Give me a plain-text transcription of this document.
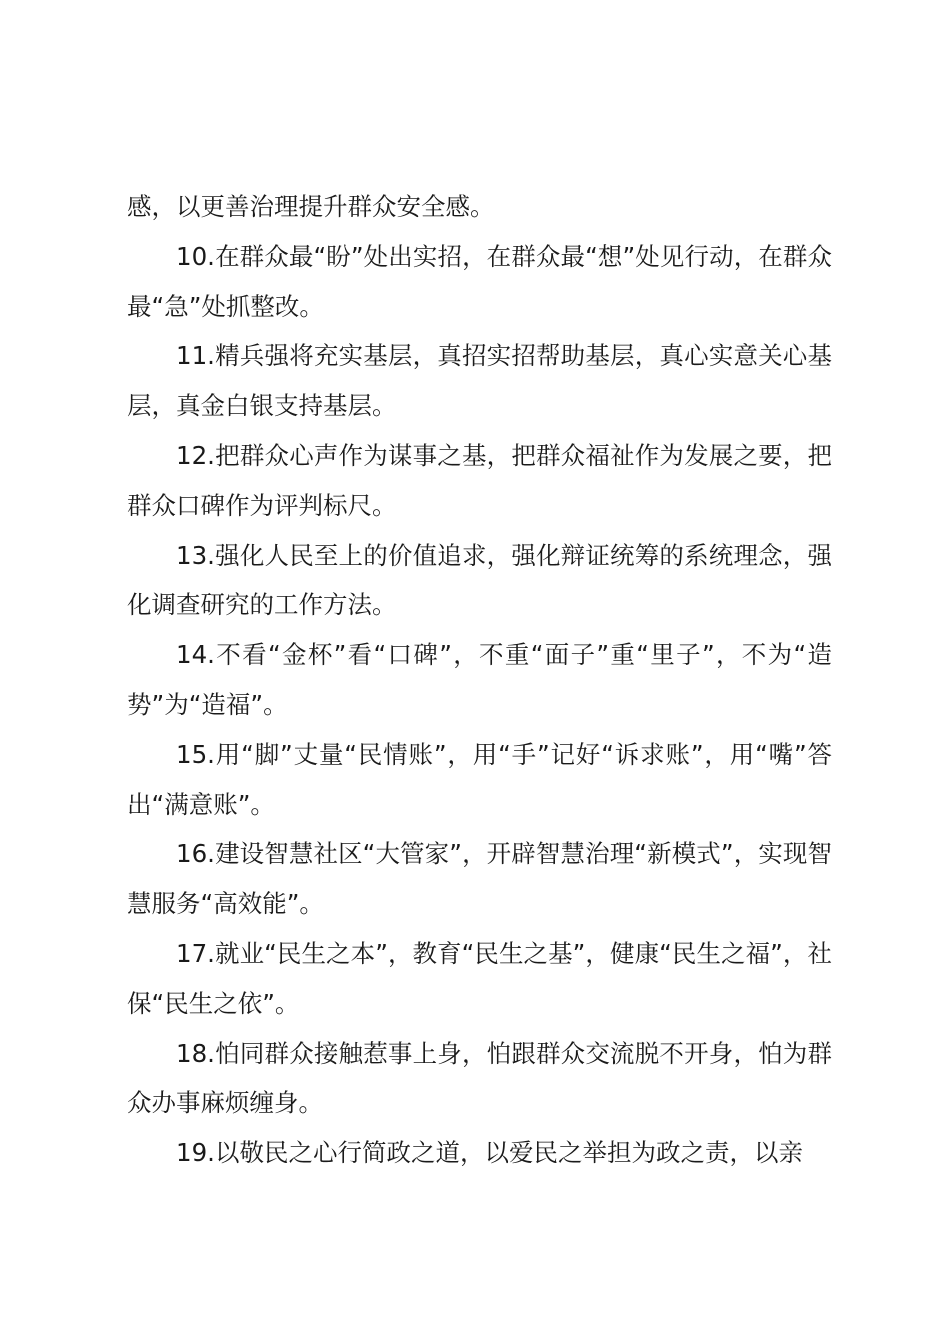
感，以更善治理提升群众安全感。

10.在群众最“盼”处出实招，在群众最“想”处见行动，在群众最“急”处抓整改。

11.精兵强将充实基层，真招实招帮助基层，真心实意关心基层，真金白银支持基层。

12.把群众心声作为谋事之基，把群众福祉作为发展之要，把群众口碑作为评判标尺。

13.强化人民至上的价值追求，强化辩证统筹的系统理念，强化调查研究的工作方法。

14.不看“金杯”看“口碑”，不重“面子”重“里子”，不为“造势”为“造福”。

15.用“脚”丈量“民情账”，用“手”记好“诉求账”，用“嘴”答出“满意账”。

16.建设智慧社区“大管家”，开辟智慧治理“新模式”，实现智慧服务“高效能”。

17.就业“民生之本”，教育“民生之基”，健康“民生之福”，社保“民生之依”。

18.怕同群众接触惹事上身，怕跟群众交流脱不开身，怕为群众办事麻烦缠身。

19.以敬民之心行简政之道，以爱民之举担为政之责，以亲
